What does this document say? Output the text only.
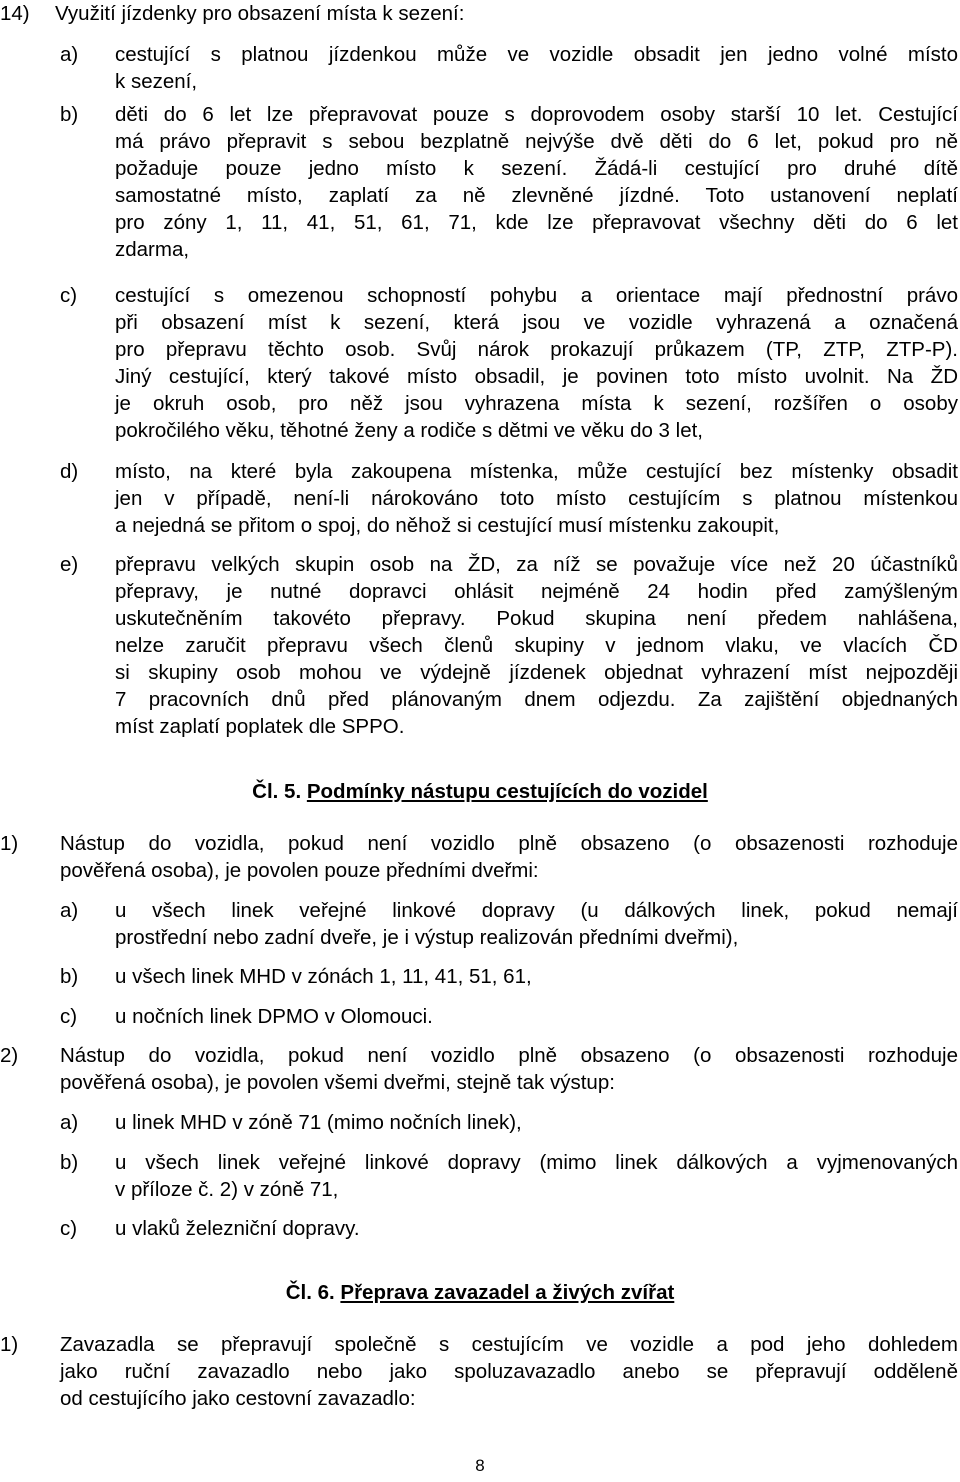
14) Využití jízdenky pro obsazení místa k sezení:
a) cestující s platnou jízdenkou může ve vozidle obsadit jen jedno volné místo
k sezení,
b) děti do 6 let lze přepravovat pouze s doprovodem osoby starší 10 let. Cestující
má právo přepravit s sebou bezplatně nejvýše dvě děti do 6 let, pokud pro ně
požaduje pouze jedno místo k sezení. Žádá-li cestující pro druhé dítě
samostatné místo, zaplatí za ně zlevněné jízdné. Toto ustanovení neplatí
pro zóny 1, 11, 41, 51, 61, 71, kde lze přepravovat všechny děti do 6 let
zdarma,
c) cestující s omezenou schopností pohybu a orientace mají přednostní právo
při obsazení míst k sezení, která jsou ve vozidle vyhrazená a označená
pro přepravu těchto osob. Svůj nárok prokazují průkazem (TP, ZTP, ZTP-P).
Jiný cestující, který takové místo obsadil, je povinen toto místo uvolnit. Na ŽD
je okruh osob, pro něž jsou vyhrazena místa k sezení, rozšířen o osoby
pokročilého věku, těhotné ženy a rodiče s dětmi ve věku do 3 let,
d) místo, na které byla zakoupena místenka, může cestující bez místenky obsadit
jen v případě, není-li nárokováno toto místo cestujícím s platnou místenkou
a nejedná se přitom o spoj, do něhož si cestující musí místenku zakoupit,
e) přepravu velkých skupin osob na ŽD, za níž se považuje více než 20 účastníků
přepravy, je nutné dopravci ohlásit nejméně 24 hodin před zamýšleným
uskutečněním takovéto přepravy. Pokud skupina není předem nahlášena,
nelze zaručit přepravu všech členů skupiny v jednom vlaku, ve vlacích ČD
si skupiny osob mohou ve výdejně jízdenek objednat vyhrazení míst nejpozději
7 pracovních dnů před plánovaným dnem odjezdu. Za zajištění objednaných
míst zaplatí poplatek dle SPPO.
Čl. 5. Podmínky nástupu cestujících do vozidel
1) Nástup do vozidla, pokud není vozidlo plně obsazeno (o obsazenosti rozhoduje
pověřená osoba), je povolen pouze předními dveřmi:
a) u všech linek veřejné linkové dopravy (u dálkových linek, pokud nemají
prostřední nebo zadní dveře, je i výstup realizován předními dveřmi),
b) u všech linek MHD v zónách 1, 11, 41, 51, 61,
c) u nočních linek DPMO v Olomouci.
2) Nástup do vozidla, pokud není vozidlo plně obsazeno (o obsazenosti rozhoduje
pověřená osoba), je povolen všemi dveřmi, stejně tak výstup:
a) u linek MHD v zóně 71 (mimo nočních linek),
b) u všech linek veřejné linkové dopravy (mimo linek dálkových a vyjmenovaných
v příloze č. 2) v zóně 71,
c) u vlaků železniční dopravy.
Čl. 6. Přeprava zavazadel a živých zvířat
1) Zavazadla se přepravují společně s cestujícím ve vozidle a pod jeho dohledem
jako ruční zavazadlo nebo jako spoluzavazadlo anebo se přepravují odděleně
od cestujícího jako cestovní zavazadlo:
8
